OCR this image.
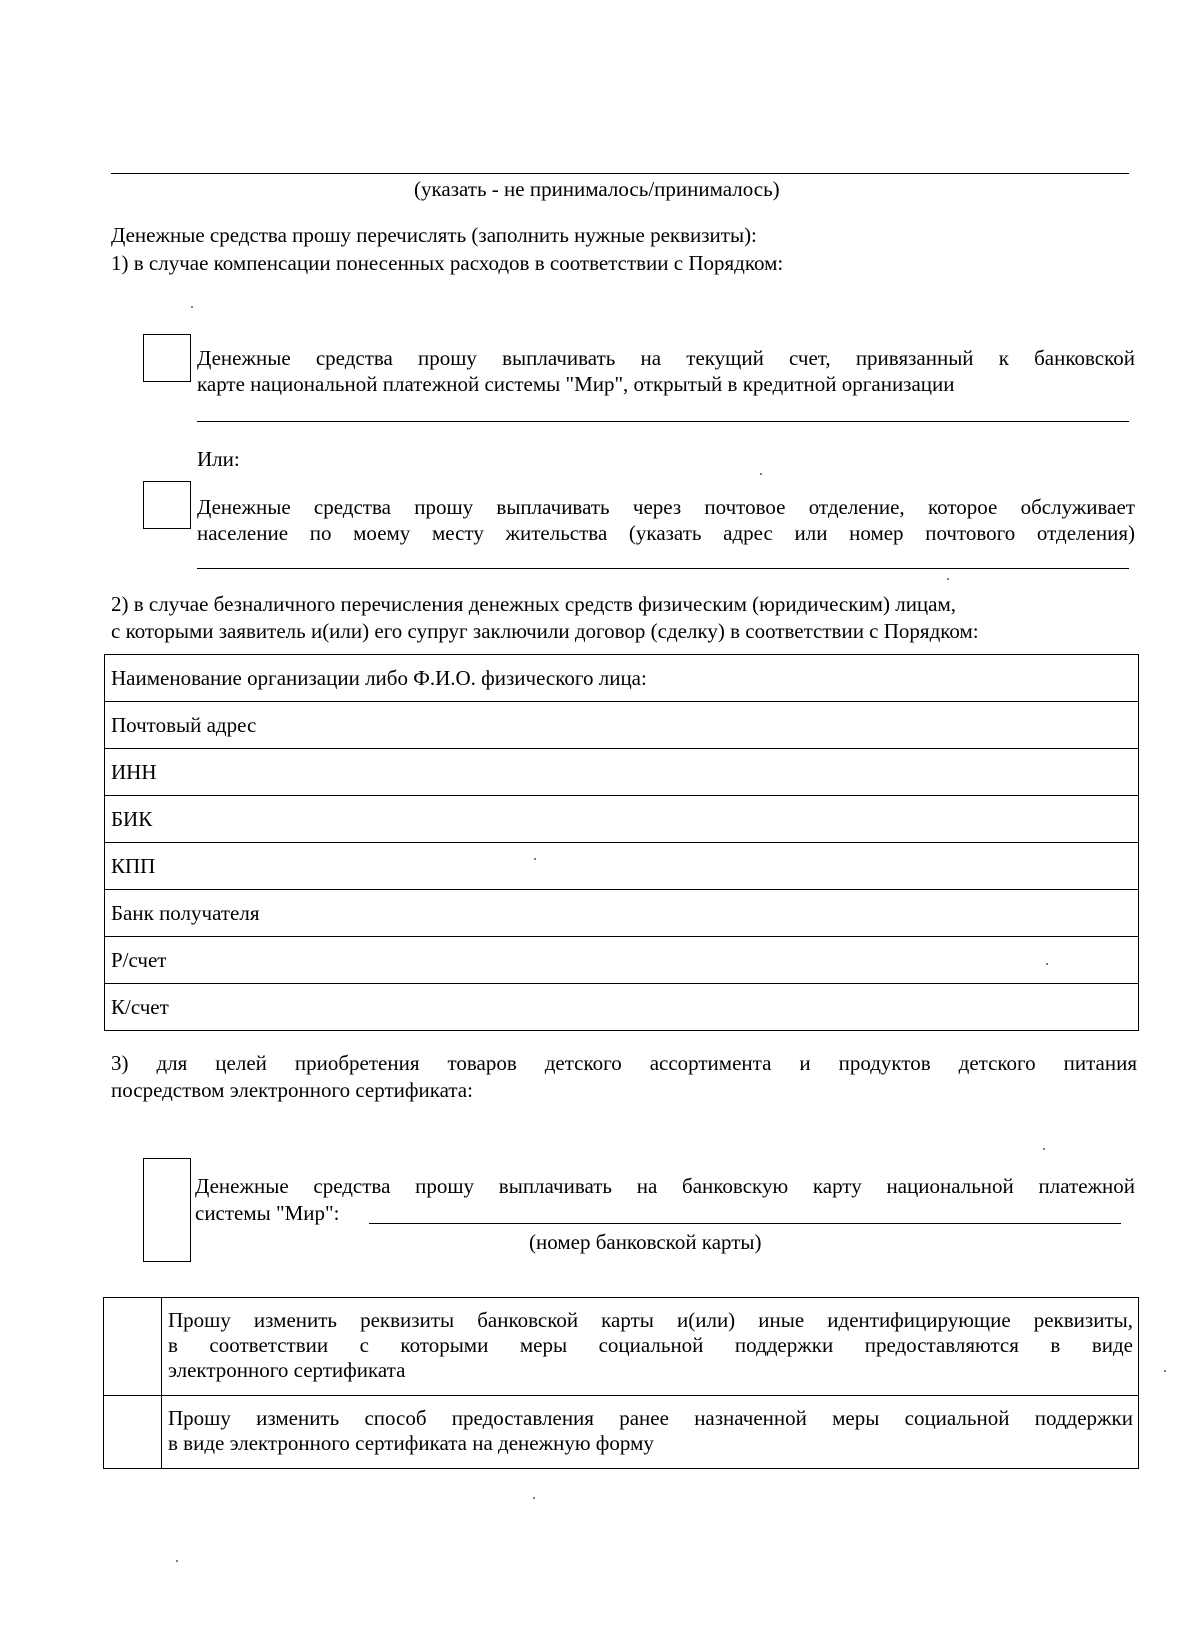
(указать - не принималось/принималось)
Денежные средства прошу перечислять (заполнить нужные реквизиты):
1) в случае компенсации понесенных расходов в соответствии с Порядком:
Денежные средства прошу выплачивать на текущий счет, привязанный к банковской
карте национальной платежной системы "Мир", открытый в кредитной организации
Или:
Денежные средства прошу выплачивать через почтовое отделение, которое обслуживает
население по моему месту жительства (указать адрес или номер почтового отделения)
2) в случае безналичного перечисления денежных средств физическим (юридическим) лицам,
с которыми заявитель и(или) его супруг заключили договор (сделку) в соответствии с Порядком:
Наименование организации либо Ф.И.О. физического лица:
Почтовый адрес
ИНН
БИК
КПП
Банк получателя
Р/счет
К/счет
3) для целей приобретения товаров детского ассортимента и продуктов детского питания
посредством электронного сертификата:
Денежные средства прошу выплачивать на банковскую карту национальной платежной
системы "Мир":
(номер банковской карты)

	Прошу изменить реквизиты банковской карты и(или) иные идентифицирующие реквизиты,
в соответствии с которыми меры социальной поддержки предоставляются в виде
электронного сертификата

	Прошу изменить способ предоставления ранее назначенной меры социальной поддержки
в виде электронного сертификата на денежную форму
